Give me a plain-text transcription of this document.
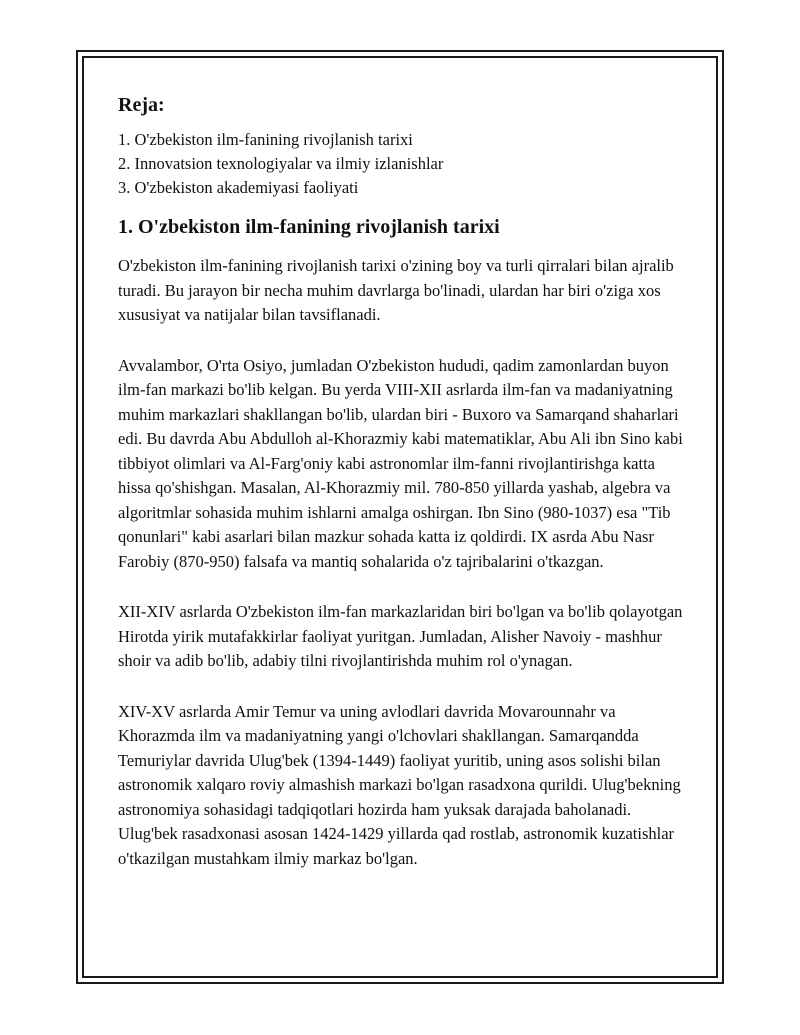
Reja:
1. O'zbekiston ilm-fanining rivojlanish tarixi
2. Innovatsion texnologiyalar va ilmiy izlanishlar
3. O'zbekiston akademiyasi faoliyati
1. O'zbekiston ilm-fanining rivojlanish tarixi

O'zbekiston ilm-fanining rivojlanish tarixi o'zining boy va turli qirralari bilan ajralib turadi. Bu jarayon bir necha muhim davrlarga bo'linadi, ulardan har biri o'ziga xos xususiyat va natijalar bilan tavsiflanadi.

Avvalambor, O'rta Osiyo, jumladan O'zbekiston hududi, qadim zamonlardan buyon ilm-fan markazi bo'lib kelgan. Bu yerda VIII-XII asrlarda ilm-fan va madaniyatning muhim markazlari shakllangan bo'lib, ulardan biri - Buxoro va Samarqand shaharlari edi. Bu davrda Abu Abdulloh al-Khorazmiy kabi matematiklar, Abu Ali ibn Sino kabi tibbiyot olimlari va Al-Farg'oniy kabi astronomlar ilm-fanni rivojlantirishga katta hissa qo'shishgan. Masalan, Al-Khorazmiy mil. 780-850 yillarda yashab, algebra va algoritmlar sohasida muhim ishlarni amalga oshirgan. Ibn Sino (980-1037) esa "Tib qonunlari" kabi asarlari bilan mazkur sohada katta iz qoldirdi. IX asrda Abu Nasr Farobiy (870-950) falsafa va mantiq sohalarida o'z tajribalarini o'tkazgan.

XII-XIV asrlarda O'zbekiston ilm-fan markazlaridan biri bo'lgan va bo'lib qolayotgan Hirotda yirik mutafakkirlar faoliyat yuritgan. Jumladan, Alisher Navoiy - mashhur shoir va adib bo'lib, adabiy tilni rivojlantirishda muhim rol o'ynagan.

XIV-XV asrlarda Amir Temur va uning avlodlari davrida Movarounnahr va Khorazmda ilm va madaniyatning yangi o'lchovlari shakllangan. Samarqandda Temuriylar davrida Ulug'bek (1394-1449) faoliyat yuritib, uning asos solishi bilan astronomik xalqaro roviy almashish markazi bo'lgan rasadxona qurildi. Ulug'bekning astronomiya sohasidagi tadqiqotlari hozirda ham yuksak darajada baholanadi. Ulug'bek rasadxonasi asosan 1424-1429 yillarda qad rostlab, astronomik kuzatishlar o'tkazilgan mustahkam ilmiy markaz bo'lgan.
